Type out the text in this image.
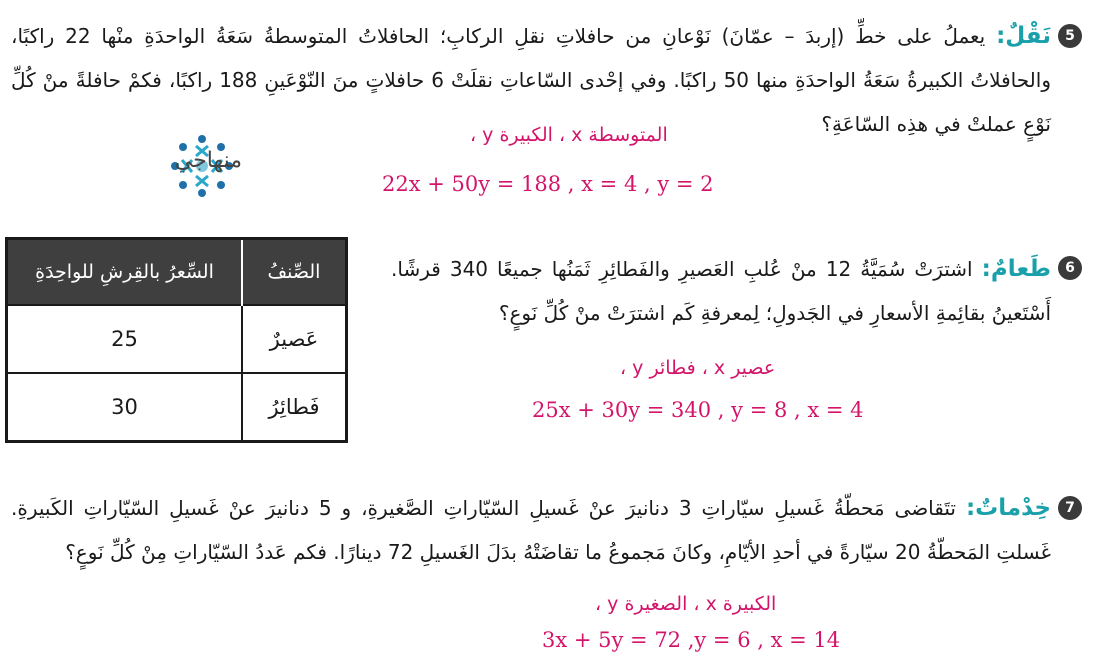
5
نَقْلٌ: يعملُ على خطِّ (إربدَ – عمّانَ) نَوْعانِ من حافلاتِ نقلِ الركابِ؛ الحافلاتُ المتوسطةُ سَعَةُ الواحدَةِ منْها 22 راكبًا، والحافلاتُ الكبيرةُ سَعَةُ الواحدَةِ منها 50 راكبًا. وفي إحْدى السّاعاتِ نقلَتْ 6 حافلاتٍ منَ النّوْعَينِ 188 راكبًا، فكمْ حافلةً منْ كُلِّ نَوْعٍ عملتْ في هذِه السّاعَةِ؟
المتوسطة x ، الكبيرة y ،
22x + 50y = 188 , x = 4 , y = 2
منهاجي
6
طَعامٌ: اشترَتْ سُمَيَّةُ 12 منْ عُلبِ العَصيرِ والفَطائِرِ ثَمَنُها جميعًا 340 قرشًا. أَسْتَعينُ بقائِمةِ الأسعارِ في الجَدولِ؛ لِمعرفةِ كَم اشترَتْ منْ كُلِّ نَوعٍ؟
عصير x ، فطائر y ،
25x + 30y = 340 , y = 8 , x = 4
الصِّنفُ	السِّعرُ بالقِرشِ للواحِدَةِ
عَصيرٌ	25
فَطائِرُ	30
7
خِدْماتٌ: تتَقاضى مَحطّةُ غَسيلِ سيّاراتِ 3 دنانيرَ عنْ غَسيلِ السّيّاراتِ الصَّغيرةِ، و 5 دنانيرَ عنْ غَسيلِ السّيّاراتِ الكَبيرةِ. غَسلتِ المَحطّةُ 20 سيّارةً في أحدِ الأيّامِ، وكانَ مَجموعُ ما تقاضَتْهُ بدَلَ الغَسيلِ 72 دينارًا. فكم عَددُ السّيّاراتِ مِنْ كُلِّ نَوعٍ؟
الكبيرة x ، الصغيرة y ،
3x + 5y = 72 ,y = 6 , x = 14
